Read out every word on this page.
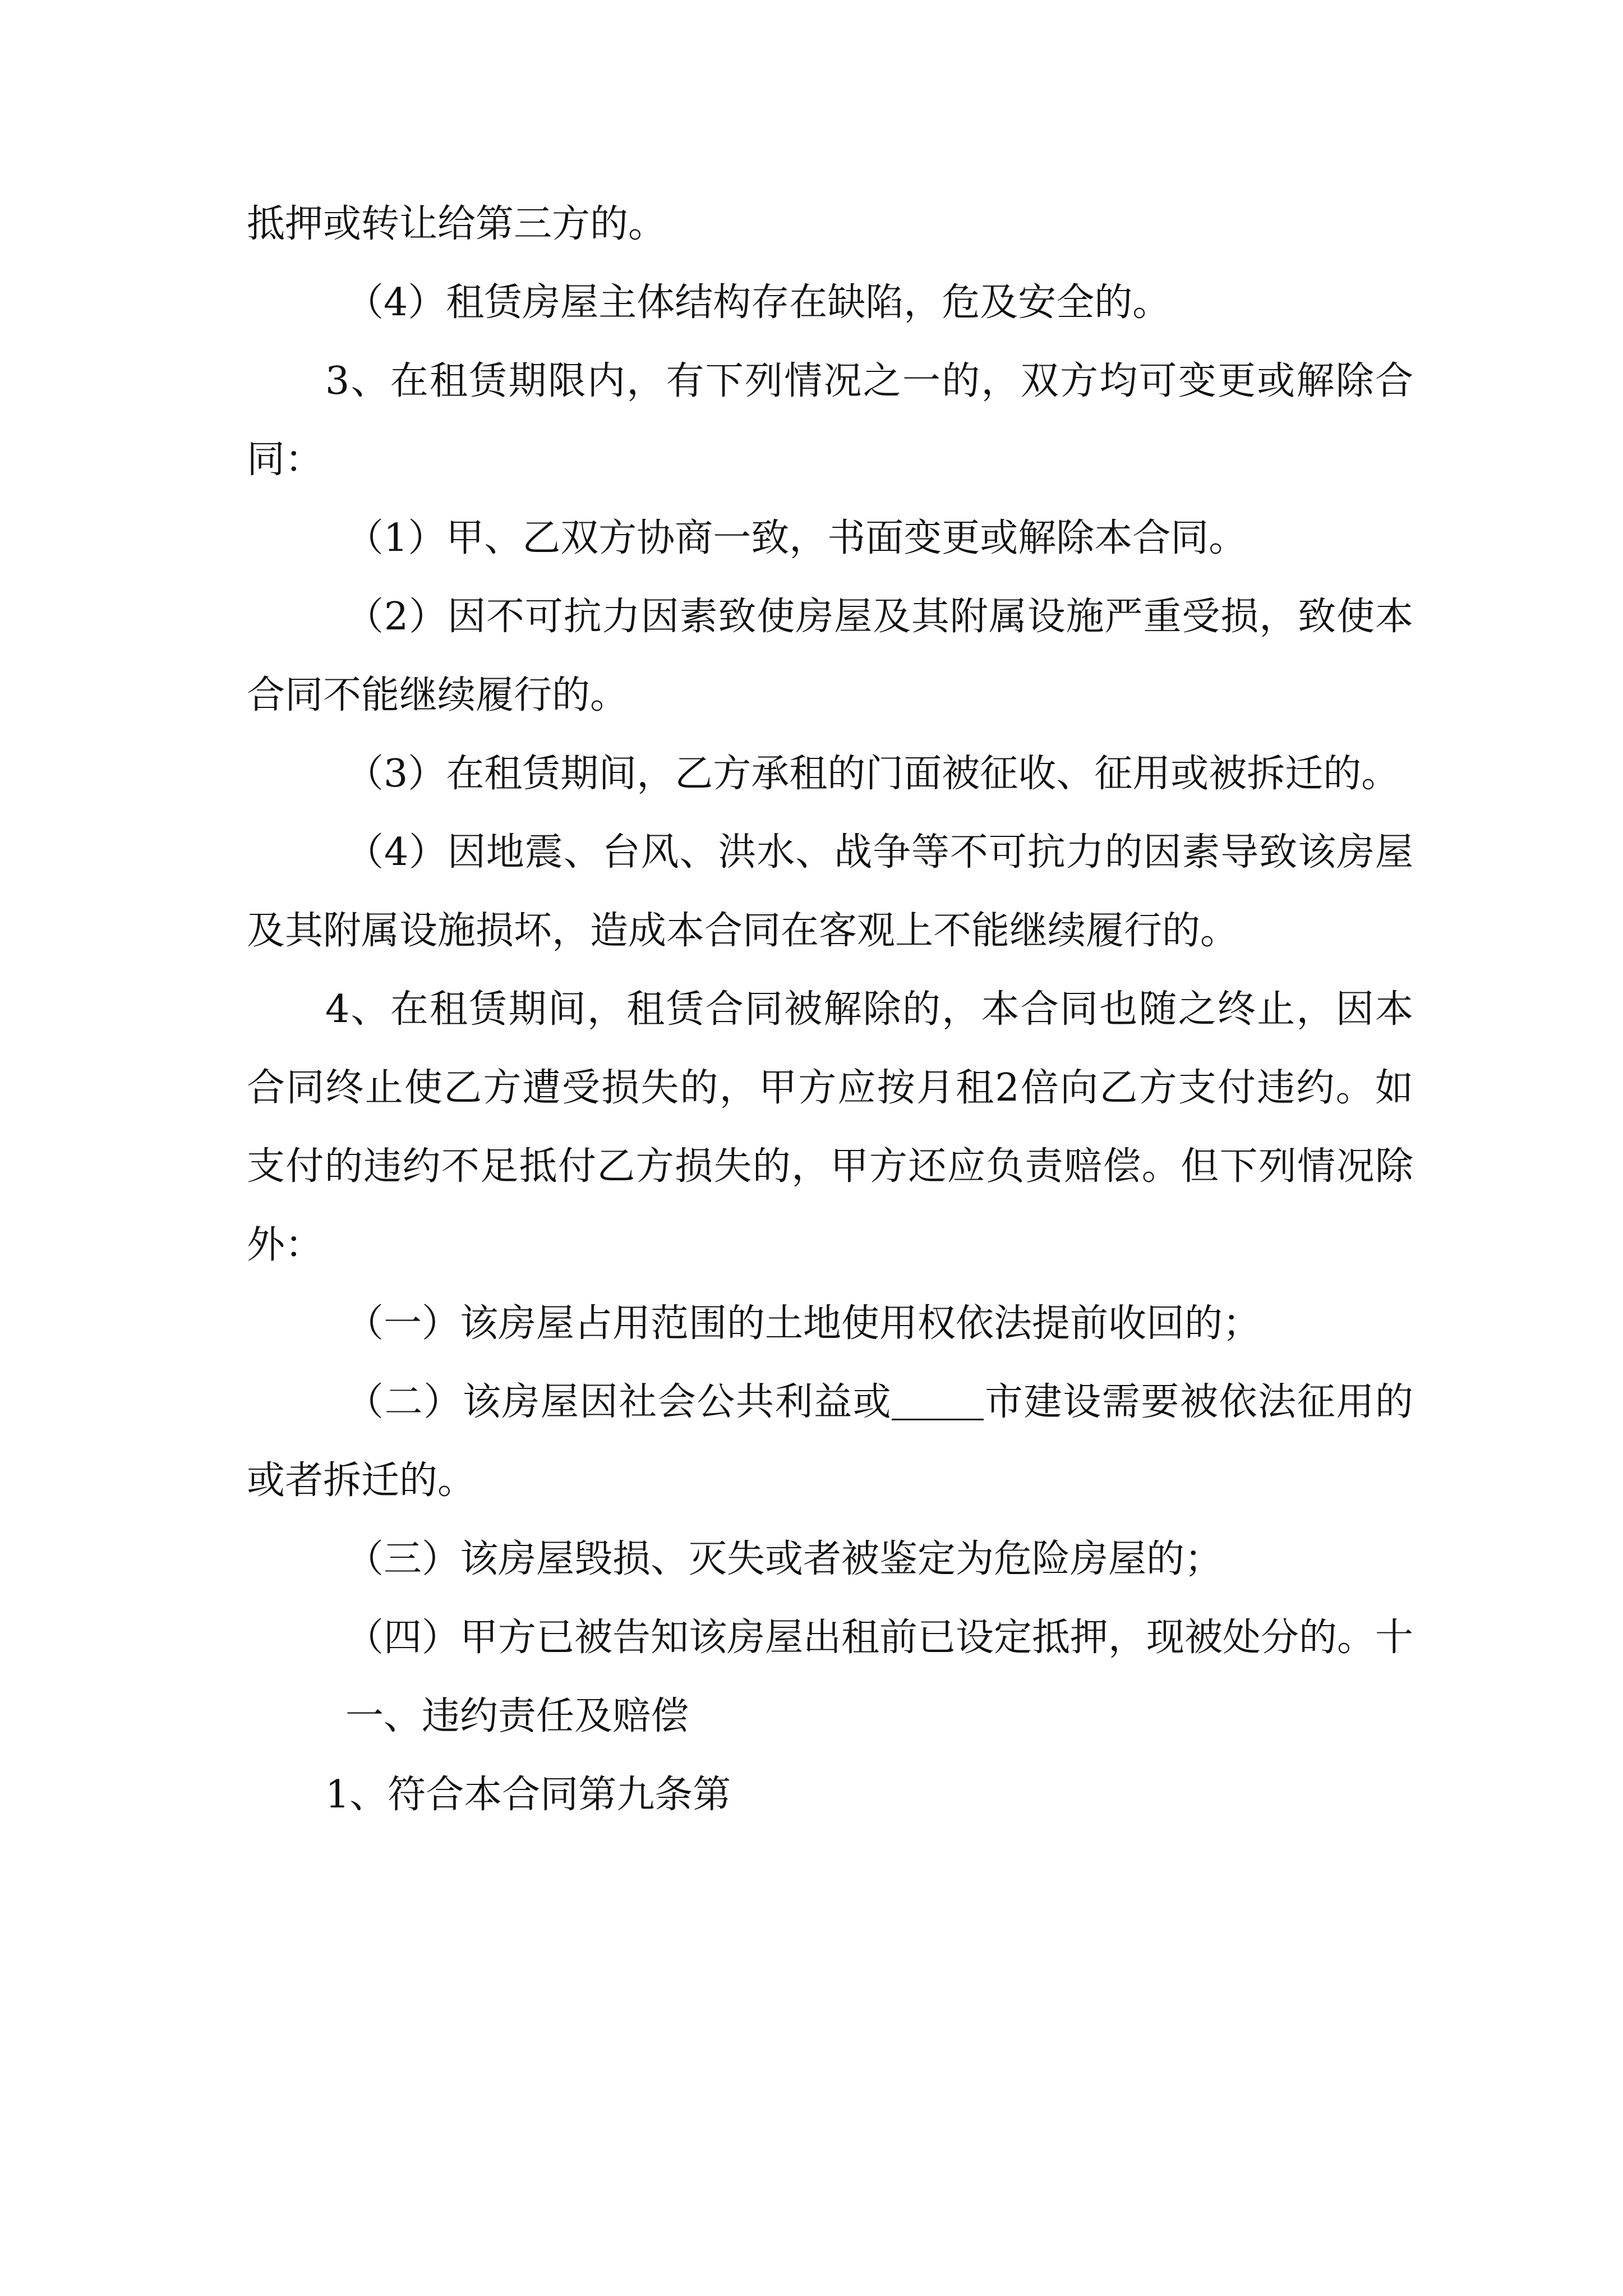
抵押或转让给第三方的。

（4）租赁房屋主体结构存在缺陷，危及安全的。

3、在租赁期限内，有下列情况之一的，双方均可变更或解除合同：

（1）甲、乙双方协商一致，书面变更或解除本合同。

（2）因不可抗力因素致使房屋及其附属设施严重受损，致使本合同不能继续履行的。

（3）在租赁期间，乙方承租的门面被征收、征用或被拆迁的。

（4）因地震、台风、洪水、战争等不可抗力的因素导致该房屋及其附属设施损坏，造成本合同在客观上不能继续履行的。

4、在租赁期间，租赁合同被解除的，本合同也随之终止，因本合同终止使乙方遭受损失的，甲方应按月租2倍向乙方支付违约。如支付的违约不足抵付乙方损失的，甲方还应负责赔偿。但下列情况除外：

（一）该房屋占用范围的土地使用权依法提前收回的；

（二）该房屋因社会公共利益或 市建设需要被依法征用的或者拆迁的。

（三）该房屋毁损、灭失或者被鉴定为危险房屋的；

（四）甲方已被告知该房屋出租前已设定抵押，现被处分的。十

一、违约责任及赔偿

1、符合本合同第九条第
